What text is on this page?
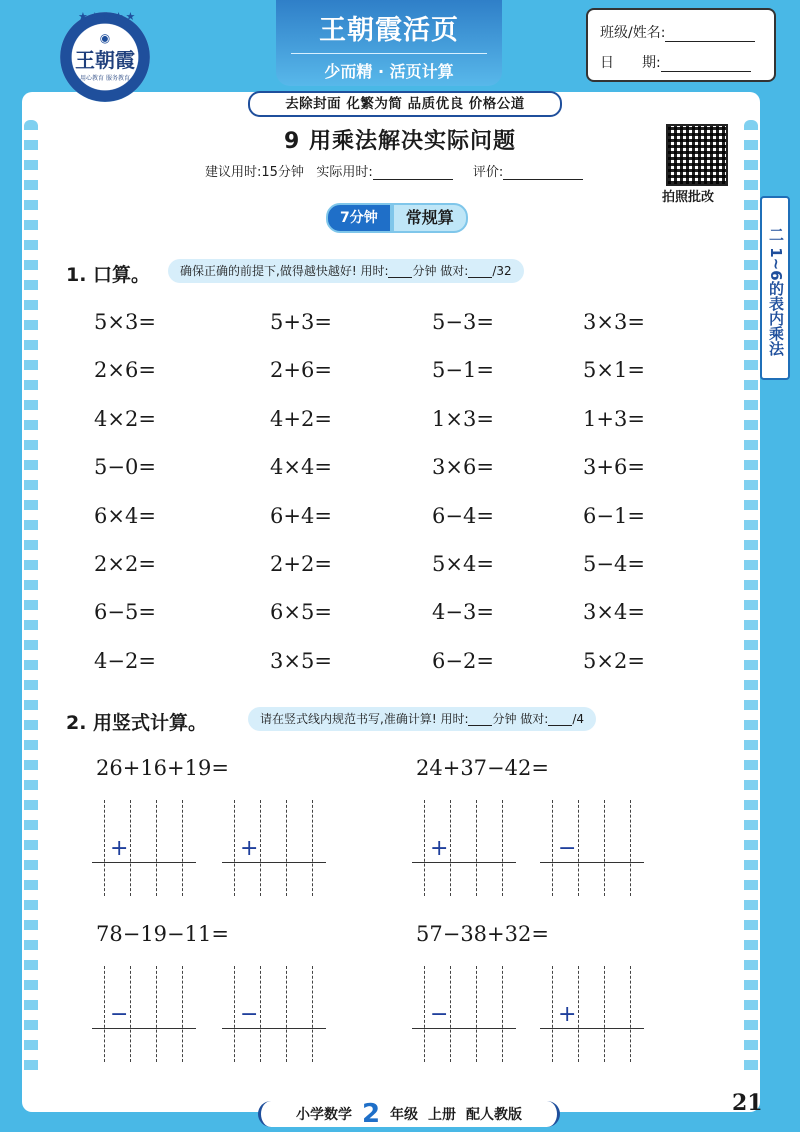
★★★★★
◉
王朝霞
用心教育 服务教育
王朝霞活页
少而精 · 活页计算
去除封面 化繁为简 品质优良 价格公道
班级/姓名:
日　　期:
9 用乘法解决实际问题
建议用时:15分钟 实际用时:	评价:
拍照批改
二 1~6的表内乘法
7分钟	常规算
1. 口算。	确保正确的前提下,做得越快越好! 用时: 分钟 做对: /32
5×3=	5+3=	5−3=	3×3=
2×6=	2+6=	5−1=	5×1=
4×2=	4+2=	1×3=	1+3=
5−0=	4×4=	3×6=	3+6=
6×4=	6+4=	6−4=	6−1=
2×2=	2+2=	5×4=	5−4=
6−5=	6×5=	4−3=	3×4=
4−2=	3×5=	6−2=	5×2=
2. 用竖式计算。	请在竖式线内规范书写,准确计算! 用时: 分钟 做对: /4
26+16+19=
+	+
24+37−42=
+	−
78−19−11=
−	−
57−38+32=
−	+
小学数学 2 年级 上册 配人教版	21
